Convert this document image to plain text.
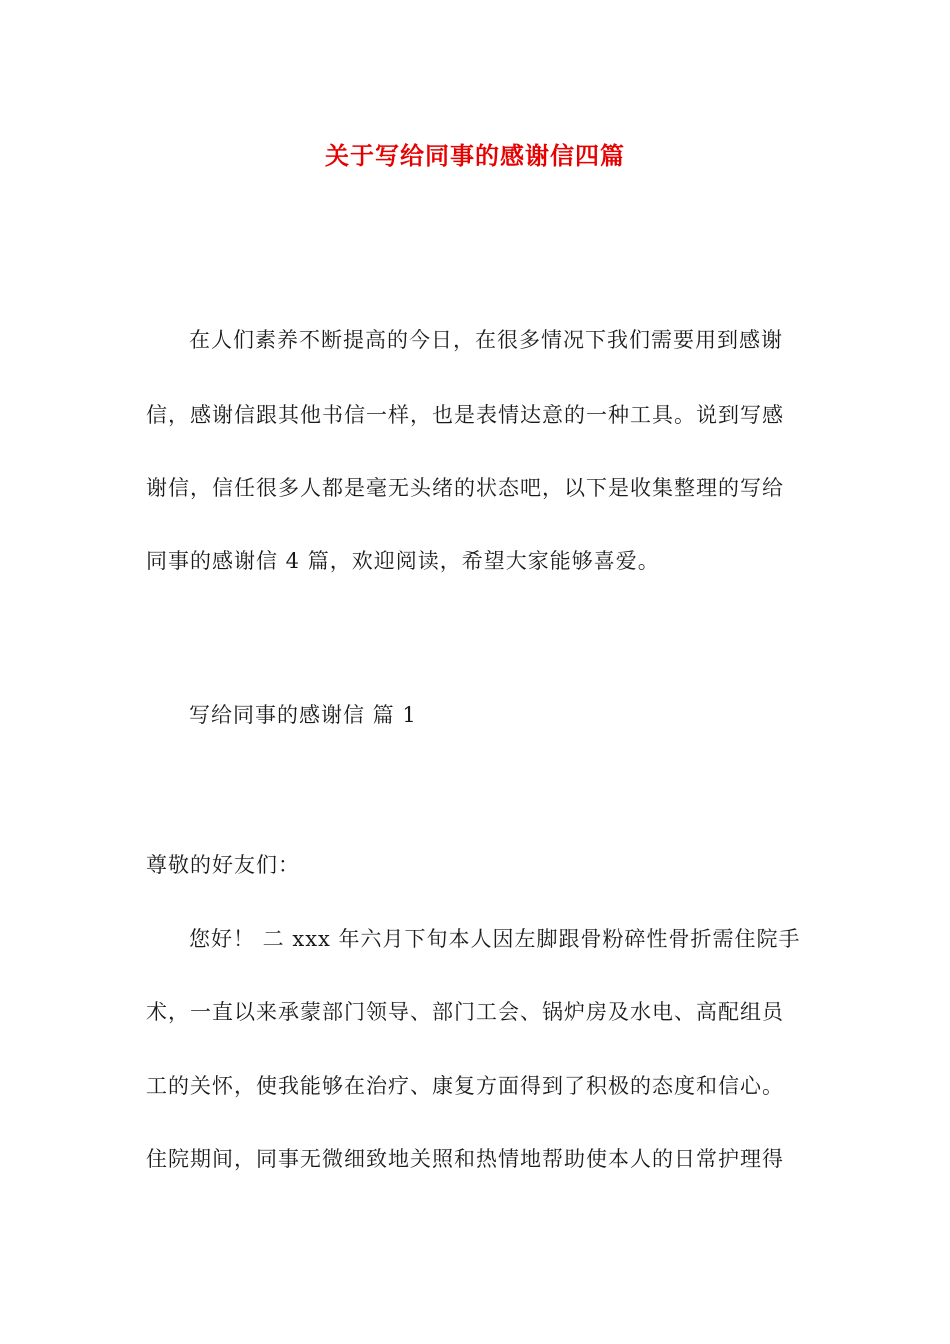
关于写给同事的感谢信四篇
在人们素养不断提高的今日，在很多情况下我们需要用到感谢
信，感谢信跟其他书信一样，也是表情达意的一种工具。说到写感
谢信，信任很多人都是毫无头绪的状态吧，以下是收集整理的写给
同事的感谢信 4 篇，欢迎阅读，希望大家能够喜爱。
写给同事的感谢信 篇 1
尊敬的好友们：
您好！ 二 xxx 年六月下旬本人因左脚跟骨粉碎性骨折需住院手
术，一直以来承蒙部门领导、部门工会、锅炉房及水电、高配组员
工的关怀，使我能够在治疗、康复方面得到了积极的态度和信心。
住院期间，同事无微细致地关照和热情地帮助使本人的日常护理得
